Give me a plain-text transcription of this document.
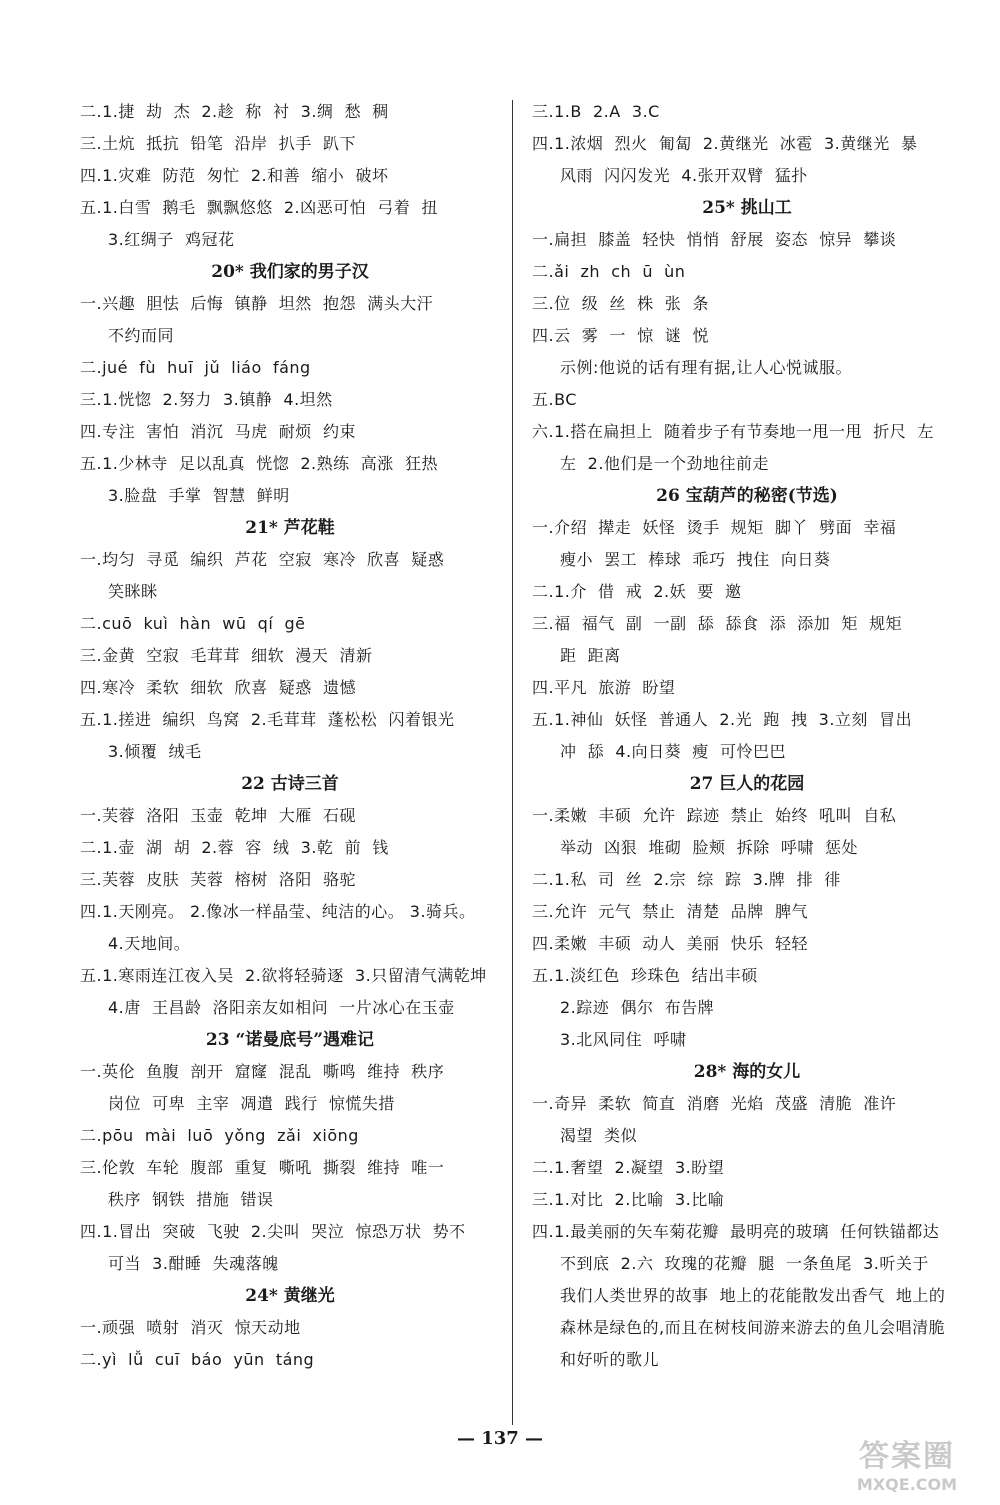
二.1.捷  劫  杰  2.趁  称  衬  3.绸  愁  稠
三.土炕  抵抗  铅笔  沿岸  扒手  趴下
四.1.灾难  防范  匆忙  2.和善  缩小  破坏
五.1.白雪  鹅毛  飘飘悠悠  2.凶恶可怕  弓着  扭
3.红绸子  鸡冠花
20* 我们家的男子汉
一.兴趣  胆怯  后悔  镇静  坦然  抱怨  满头大汗
不约而同
二.jué  fù  huī  jǔ  liáo  fáng
三.1.恍惚  2.努力  3.镇静  4.坦然
四.专注  害怕  消沉  马虎  耐烦  约束
五.1.少林寺  足以乱真  恍惚  2.熟练  高涨  狂热
3.脸盘  手掌  智慧  鲜明
21* 芦花鞋
一.均匀  寻觅  编织  芦花  空寂  寒冷  欣喜  疑惑
笑眯眯
二.cuō  kuì  hàn  wū  qí  gē
三.金黄  空寂  毛茸茸  细软  漫天  清新
四.寒冷  柔软  细软  欣喜  疑惑  遗憾
五.1.搓进  编织  鸟窝  2.毛茸茸  蓬松松  闪着银光
3.倾覆  绒毛
22 古诗三首
一.芙蓉  洛阳  玉壶  乾坤  大雁  石砚
二.1.壶  湖  胡  2.蓉  容  绒  3.乾  前  钱
三.芙蓉  皮肤  芙蓉  榕树  洛阳  骆驼
四.1.天刚亮。 2.像冰一样晶莹、纯洁的心。 3.骑兵。
4.天地间。
五.1.寒雨连江夜入吴  2.欲将轻骑逐  3.只留清气满乾坤
4.唐  王昌龄  洛阳亲友如相问  一片冰心在玉壶
23 “诺曼底号”遇难记
一.英伦  鱼腹  剖开  窟窿  混乱  嘶鸣  维持  秩序
岗位  可卑  主宰  凋遣  践行  惊慌失措
二.pōu  mài  luō  yǒng  zǎi  xiōng
三.伦敦  车轮  腹部  重复  嘶吼  撕裂  维持  唯一
秩序  钢铁  措施  错误
四.1.冒出  突破  飞驶  2.尖叫  哭泣  惊恐万状  势不
可当  3.酣睡  失魂落魄
24* 黄继光
一.顽强  喷射  消灭  惊天动地
二.yì  lǚ  cuī  báo  yūn  táng
三.1.B  2.A  3.C
四.1.浓烟  烈火  匍匐  2.黄继光  冰雹  3.黄继光  暴
风雨  闪闪发光  4.张开双臂  猛扑
25* 挑山工
一.扁担  膝盖  轻快  悄悄  舒展  姿态  惊异  攀谈
二.ǎi  zh  ch  ū  ùn
三.位  级  丝  株  张  条
四.云  雾  一  惊  谜  悦
示例:他说的话有理有据,让人心悦诚服。
五.BC
六.1.搭在扁担上  随着步子有节奏地一甩一甩  折尺  左
左  2.他们是一个劲地往前走
26 宝葫芦的秘密(节选)
一.介绍  撵走  妖怪  烫手  规矩  脚丫  劈面  幸福
瘦小  罢工  棒球  乖巧  拽住  向日葵
二.1.介  借  戒  2.妖  要  邀
三.福  福气  副  一副  舔  舔食  添  添加  矩  规矩
距  距离
四.平凡  旅游  盼望
五.1.神仙  妖怪  普通人  2.光  跑  拽  3.立刻  冒出
冲  舔  4.向日葵  瘦  可怜巴巴
27 巨人的花园
一.柔嫩  丰硕  允许  踪迹  禁止  始终  吼叫  自私
举动  凶狠  堆砌  脸颊  拆除  呼啸  惩处
二.1.私  司  丝  2.宗  综  踪  3.牌  排  徘
三.允许  元气  禁止  清楚  品牌  脾气
四.柔嫩  丰硕  动人  美丽  快乐  轻轻
五.1.淡红色  珍珠色  结出丰硕
2.踪迹  偶尔  布告牌
3.北风同住  呼啸
28* 海的女儿
一.奇异  柔软  简直  消磨  光焰  茂盛  清脆  准许
渴望  类似
二.1.奢望  2.凝望  3.盼望
三.1.对比  2.比喻  3.比喻
四.1.最美丽的矢车菊花瓣  最明亮的玻璃  任何铁锚都达
不到底  2.六  玫瑰的花瓣  腿  一条鱼尾  3.听关于
我们人类世界的故事  地上的花能散发出香气  地上的
森林是绿色的,而且在树枝间游来游去的鱼儿会唱清脆
和好听的歌儿
— 137 —
答案圈
MXQE.COM
